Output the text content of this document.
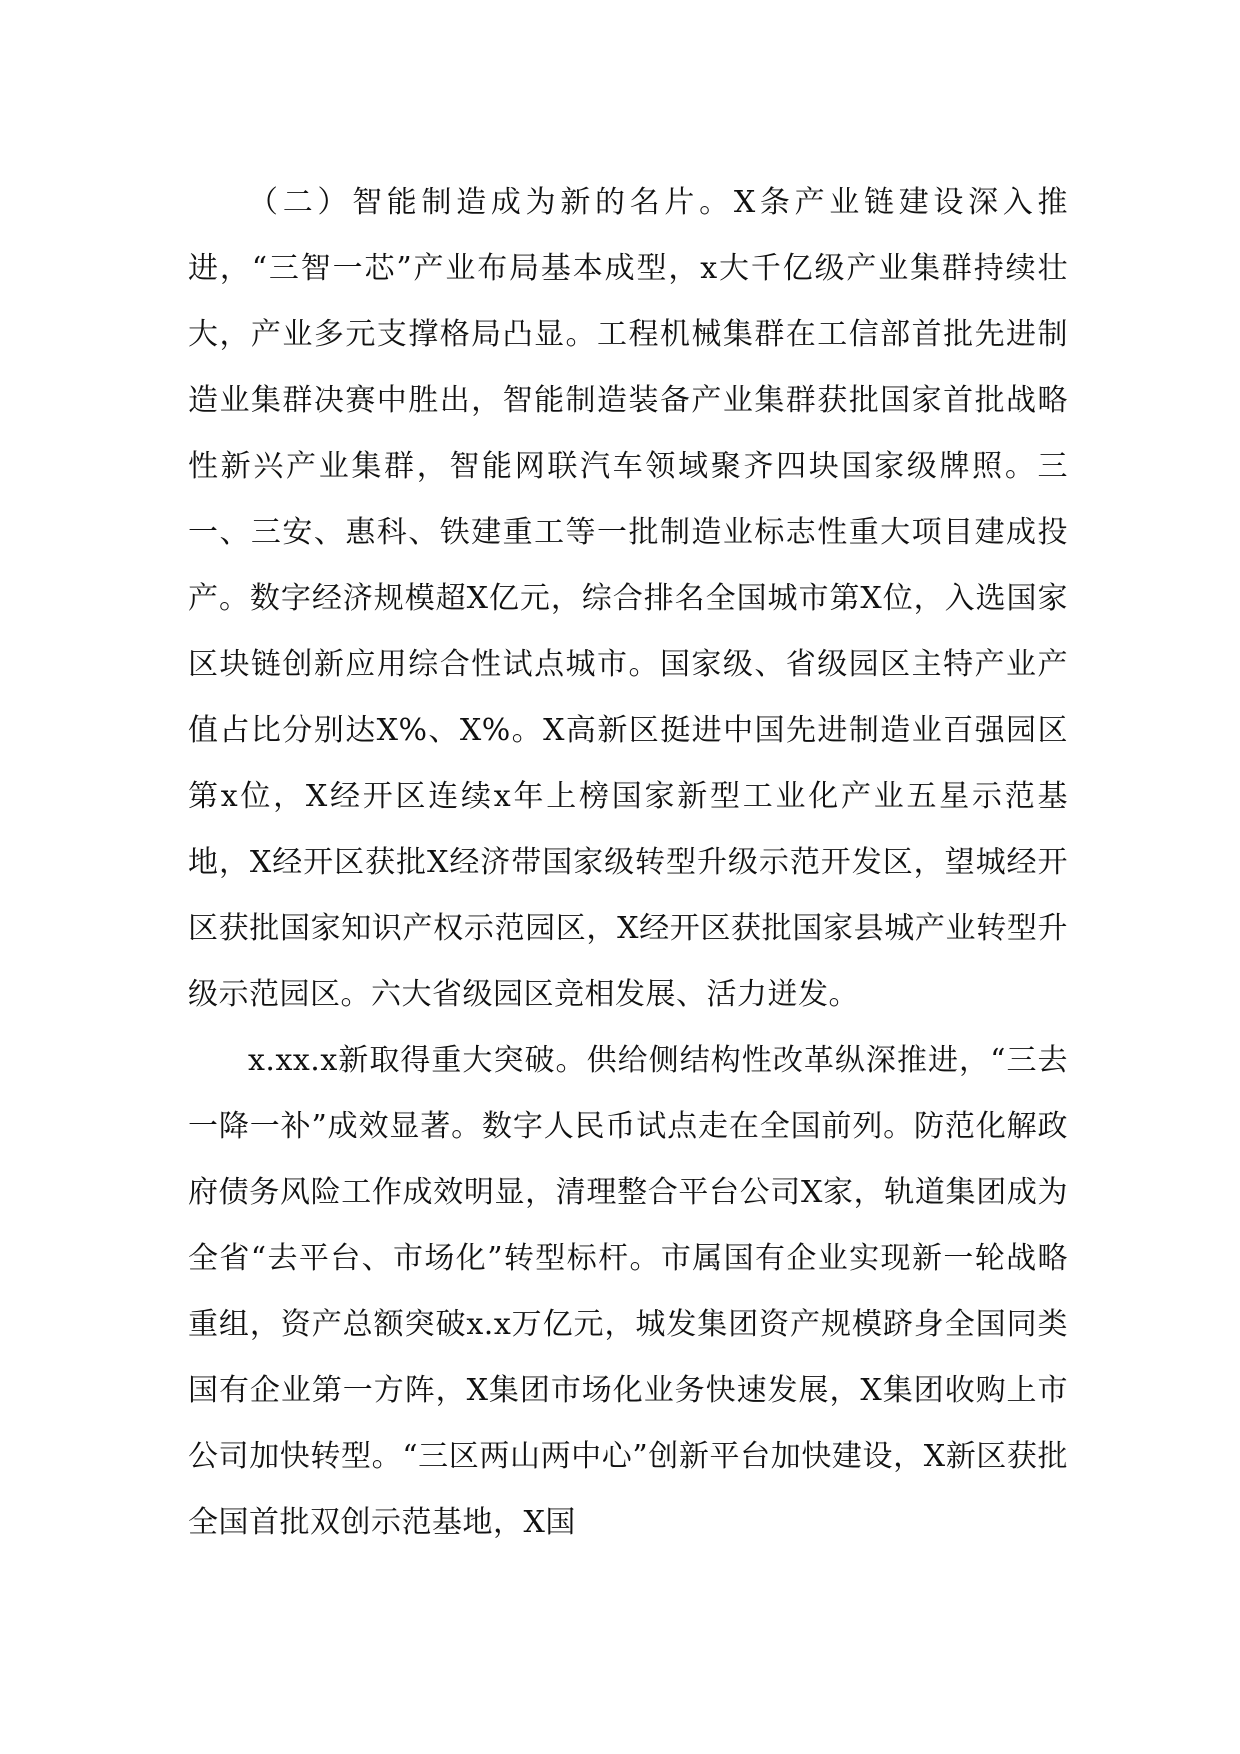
（二）智能制造成为新的名片。X条产业链建设深入推进，“三智一芯”产业布局基本成型，x大千亿级产业集群持续壮大，产业多元支撑格局凸显。工程机械集群在工信部首批先进制造业集群决赛中胜出，智能制造装备产业集群获批国家首批战略性新兴产业集群，智能网联汽车领域聚齐四块国家级牌照。三一、三安、惠科、铁建重工等一批制造业标志性重大项目建成投产。数字经济规模超X亿元，综合排名全国城市第X位，入选国家区块链创新应用综合性试点城市。国家级、省级园区主特产业产值占比分别达X%、X%。X高新区挺进中国先进制造业百强园区第x位，X经开区连续x年上榜国家新型工业化产业五星示范基地，X经开区获批X经济带国家级转型升级示范开发区，望城经开区获批国家知识产权示范园区，X经开区获批国家县城产业转型升级示范园区。六大省级园区竞相发展、活力迸发。

x.xx.x新取得重大突破。供给侧结构性改革纵深推进，“三去一降一补”成效显著。数字人民币试点走在全国前列。防范化解政府债务风险工作成效明显，清理整合平台公司X家，轨道集团成为全省“去平台、市场化”转型标杆。市属国有企业实现新一轮战略重组，资产总额突破x.x万亿元，城发集团资产规模跻身全国同类国有企业第一方阵，X集团市场化业务快速发展，X集团收购上市公司加快转型。“三区两山两中心”创新平台加快建设，X新区获批全国首批双创示范基地，X国
